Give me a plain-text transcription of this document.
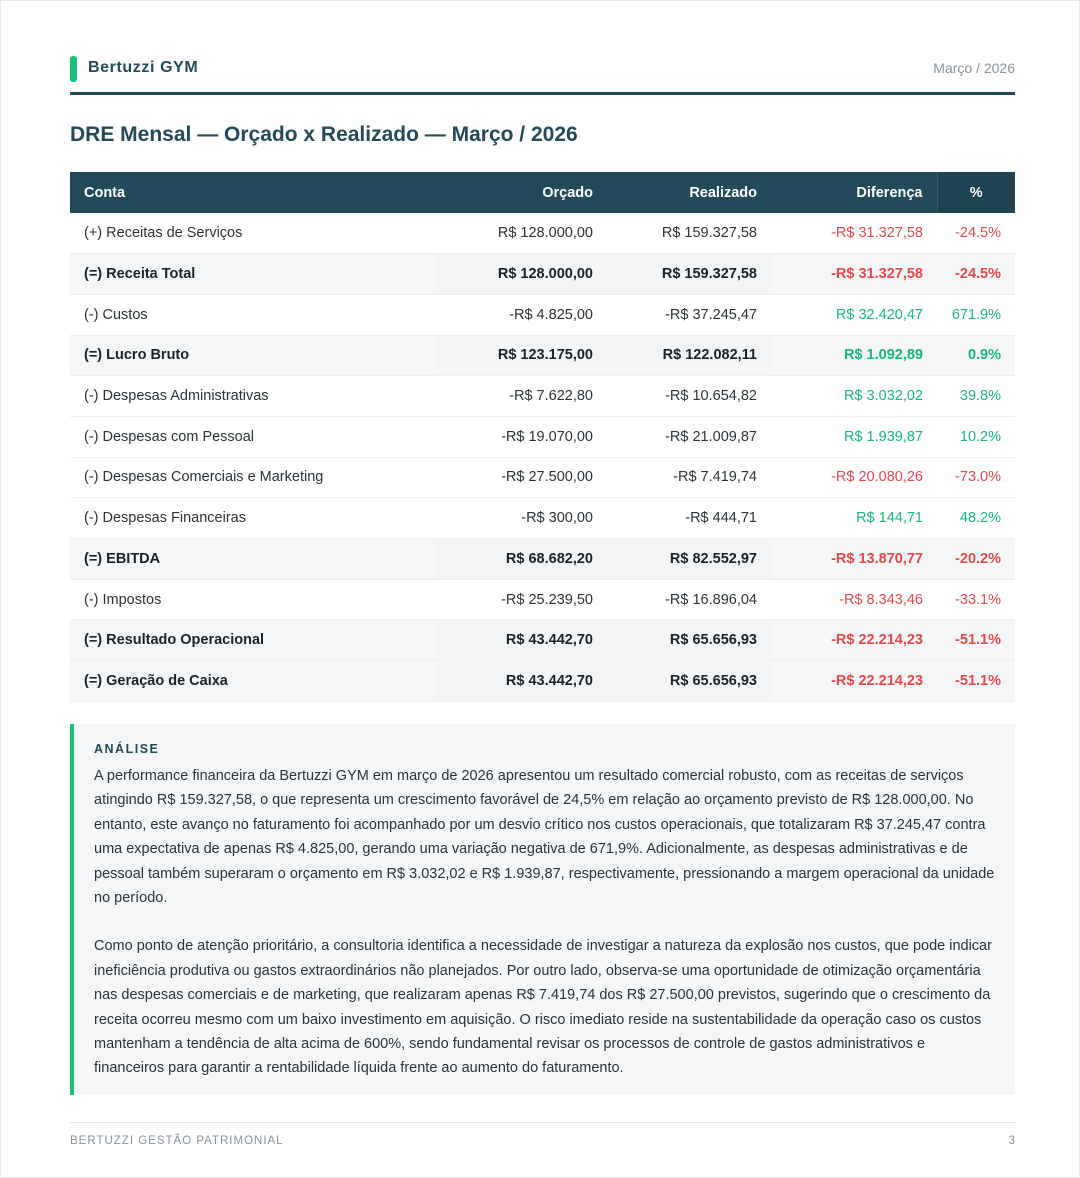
Bertuzzi GYM	Março / 2026
DRE Mensal — Orçado x Realizado — Março / 2026
Conta	Orçado	Realizado	Diferença	%
(+) Receitas de Serviços	R$ 128.000,00	R$ 159.327,58	-R$ 31.327,58	-24.5%
(=) Receita Total	R$ 128.000,00	R$ 159.327,58	-R$ 31.327,58	-24.5%
(-) Custos	-R$ 4.825,00	-R$ 37.245,47	R$ 32.420,47	671.9%
(=) Lucro Bruto	R$ 123.175,00	R$ 122.082,11	R$ 1.092,89	0.9%
(-) Despesas Administrativas	-R$ 7.622,80	-R$ 10.654,82	R$ 3.032,02	39.8%
(-) Despesas com Pessoal	-R$ 19.070,00	-R$ 21.009,87	R$ 1.939,87	10.2%
(-) Despesas Comerciais e Marketing	-R$ 27.500,00	-R$ 7.419,74	-R$ 20.080,26	-73.0%
(-) Despesas Financeiras	-R$ 300,00	-R$ 444,71	R$ 144,71	48.2%
(=) EBITDA	R$ 68.682,20	R$ 82.552,97	-R$ 13.870,77	-20.2%
(-) Impostos	-R$ 25.239,50	-R$ 16.896,04	-R$ 8.343,46	-33.1%
(=) Resultado Operacional	R$ 43.442,70	R$ 65.656,93	-R$ 22.214,23	-51.1%
(=) Geração de Caixa	R$ 43.442,70	R$ 65.656,93	-R$ 22.214,23	-51.1%
ANÁLISE

A performance financeira da Bertuzzi GYM em março de 2026 apresentou um resultado comercial robusto, com as receitas de serviços atingindo R$ 159.327,58, o que representa um crescimento favorável de 24,5% em relação ao orçamento previsto de R$ 128.000,00. No entanto, este avanço no faturamento foi acompanhado por um desvio crítico nos custos operacionais, que totalizaram R$ 37.245,47 contra uma expectativa de apenas R$ 4.825,00, gerando uma variação negativa de 671,9%. Adicionalmente, as despesas administrativas e de pessoal também superaram o orçamento em R$ 3.032,02 e R$ 1.939,87, respectivamente, pressionando a margem operacional da unidade no período.

Como ponto de atenção prioritário, a consultoria identifica a necessidade de investigar a natureza da explosão nos custos, que pode indicar ineficiência produtiva ou gastos extraordinários não planejados. Por outro lado, observa-se uma oportunidade de otimização orçamentária nas despesas comerciais e de marketing, que realizaram apenas R$ 7.419,74 dos R$ 27.500,00 previstos, sugerindo que o crescimento da receita ocorreu mesmo com um baixo investimento em aquisição. O risco imediato reside na sustentabilidade da operação caso os custos mantenham a tendência de alta acima de 600%, sendo fundamental revisar os processos de controle de gastos administrativos e financeiros para garantir a rentabilidade líquida frente ao aumento do faturamento.

BERTUZZI GESTÃO PATRIMONIAL	3
